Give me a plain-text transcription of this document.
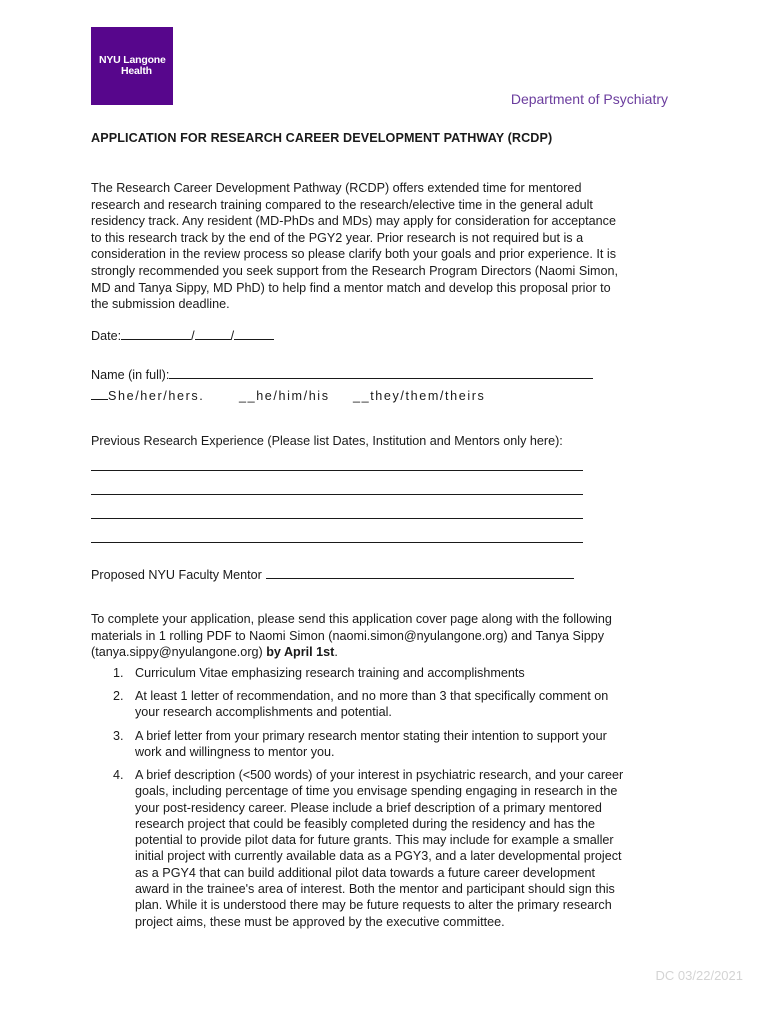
NYU Langone
Health
Department of Psychiatry
APPLICATION FOR RESEARCH CAREER DEVELOPMENT PATHWAY (RCDP)
The Research Career Development Pathway (RCDP) offers extended time for mentored
research and research training compared to the research/elective time in the general adult
residency track. Any resident (MD-PhDs and MDs) may apply for consideration for acceptance
to this research track by the end of the PGY2 year. Prior research is not required but is a
consideration in the review process so please clarify both your goals and prior experience. It is
strongly recommended you seek support from the Research Program Directors (Naomi Simon,
MD and Tanya Sippy, MD PhD) to help find a mentor match and develop this proposal prior to
the submission deadline.
Date:	/	/
Name (in full):
She/her/hers.	__he/him/his __they/them/theirs
Previous Research Experience (Please list Dates, Institution and Mentors only here):
Proposed NYU Faculty Mentor
To complete your application, please send this application cover page along with the following
materials in 1 rolling PDF to Naomi Simon (naomi.simon@nyulangone.org) and Tanya Sippy
(tanya.sippy@nyulangone.org) by April 1st.
1. Curriculum Vitae emphasizing research training and accomplishments
2. At least 1 letter of recommendation, and no more than 3 that specifically comment on
your research accomplishments and potential.
3. A brief letter from your primary research mentor stating their intention to support your
work and willingness to mentor you.
4. A brief description (<500 words) of your interest in psychiatric research, and your career
goals, including percentage of time you envisage spending engaging in research in the
your post-residency career. Please include a brief description of a primary mentored
research project that could be feasibly completed during the residency and has the
potential to provide pilot data for future grants. This may include for example a smaller
initial project with currently available data as a PGY3, and a later developmental project
as a PGY4 that can build additional pilot data towards a future career development
award in the trainee's area of interest. Both the mentor and participant should sign this
plan. While it is understood there may be future requests to alter the primary research
project aims, these must be approved by the executive committee.
DC 03/22/2021
